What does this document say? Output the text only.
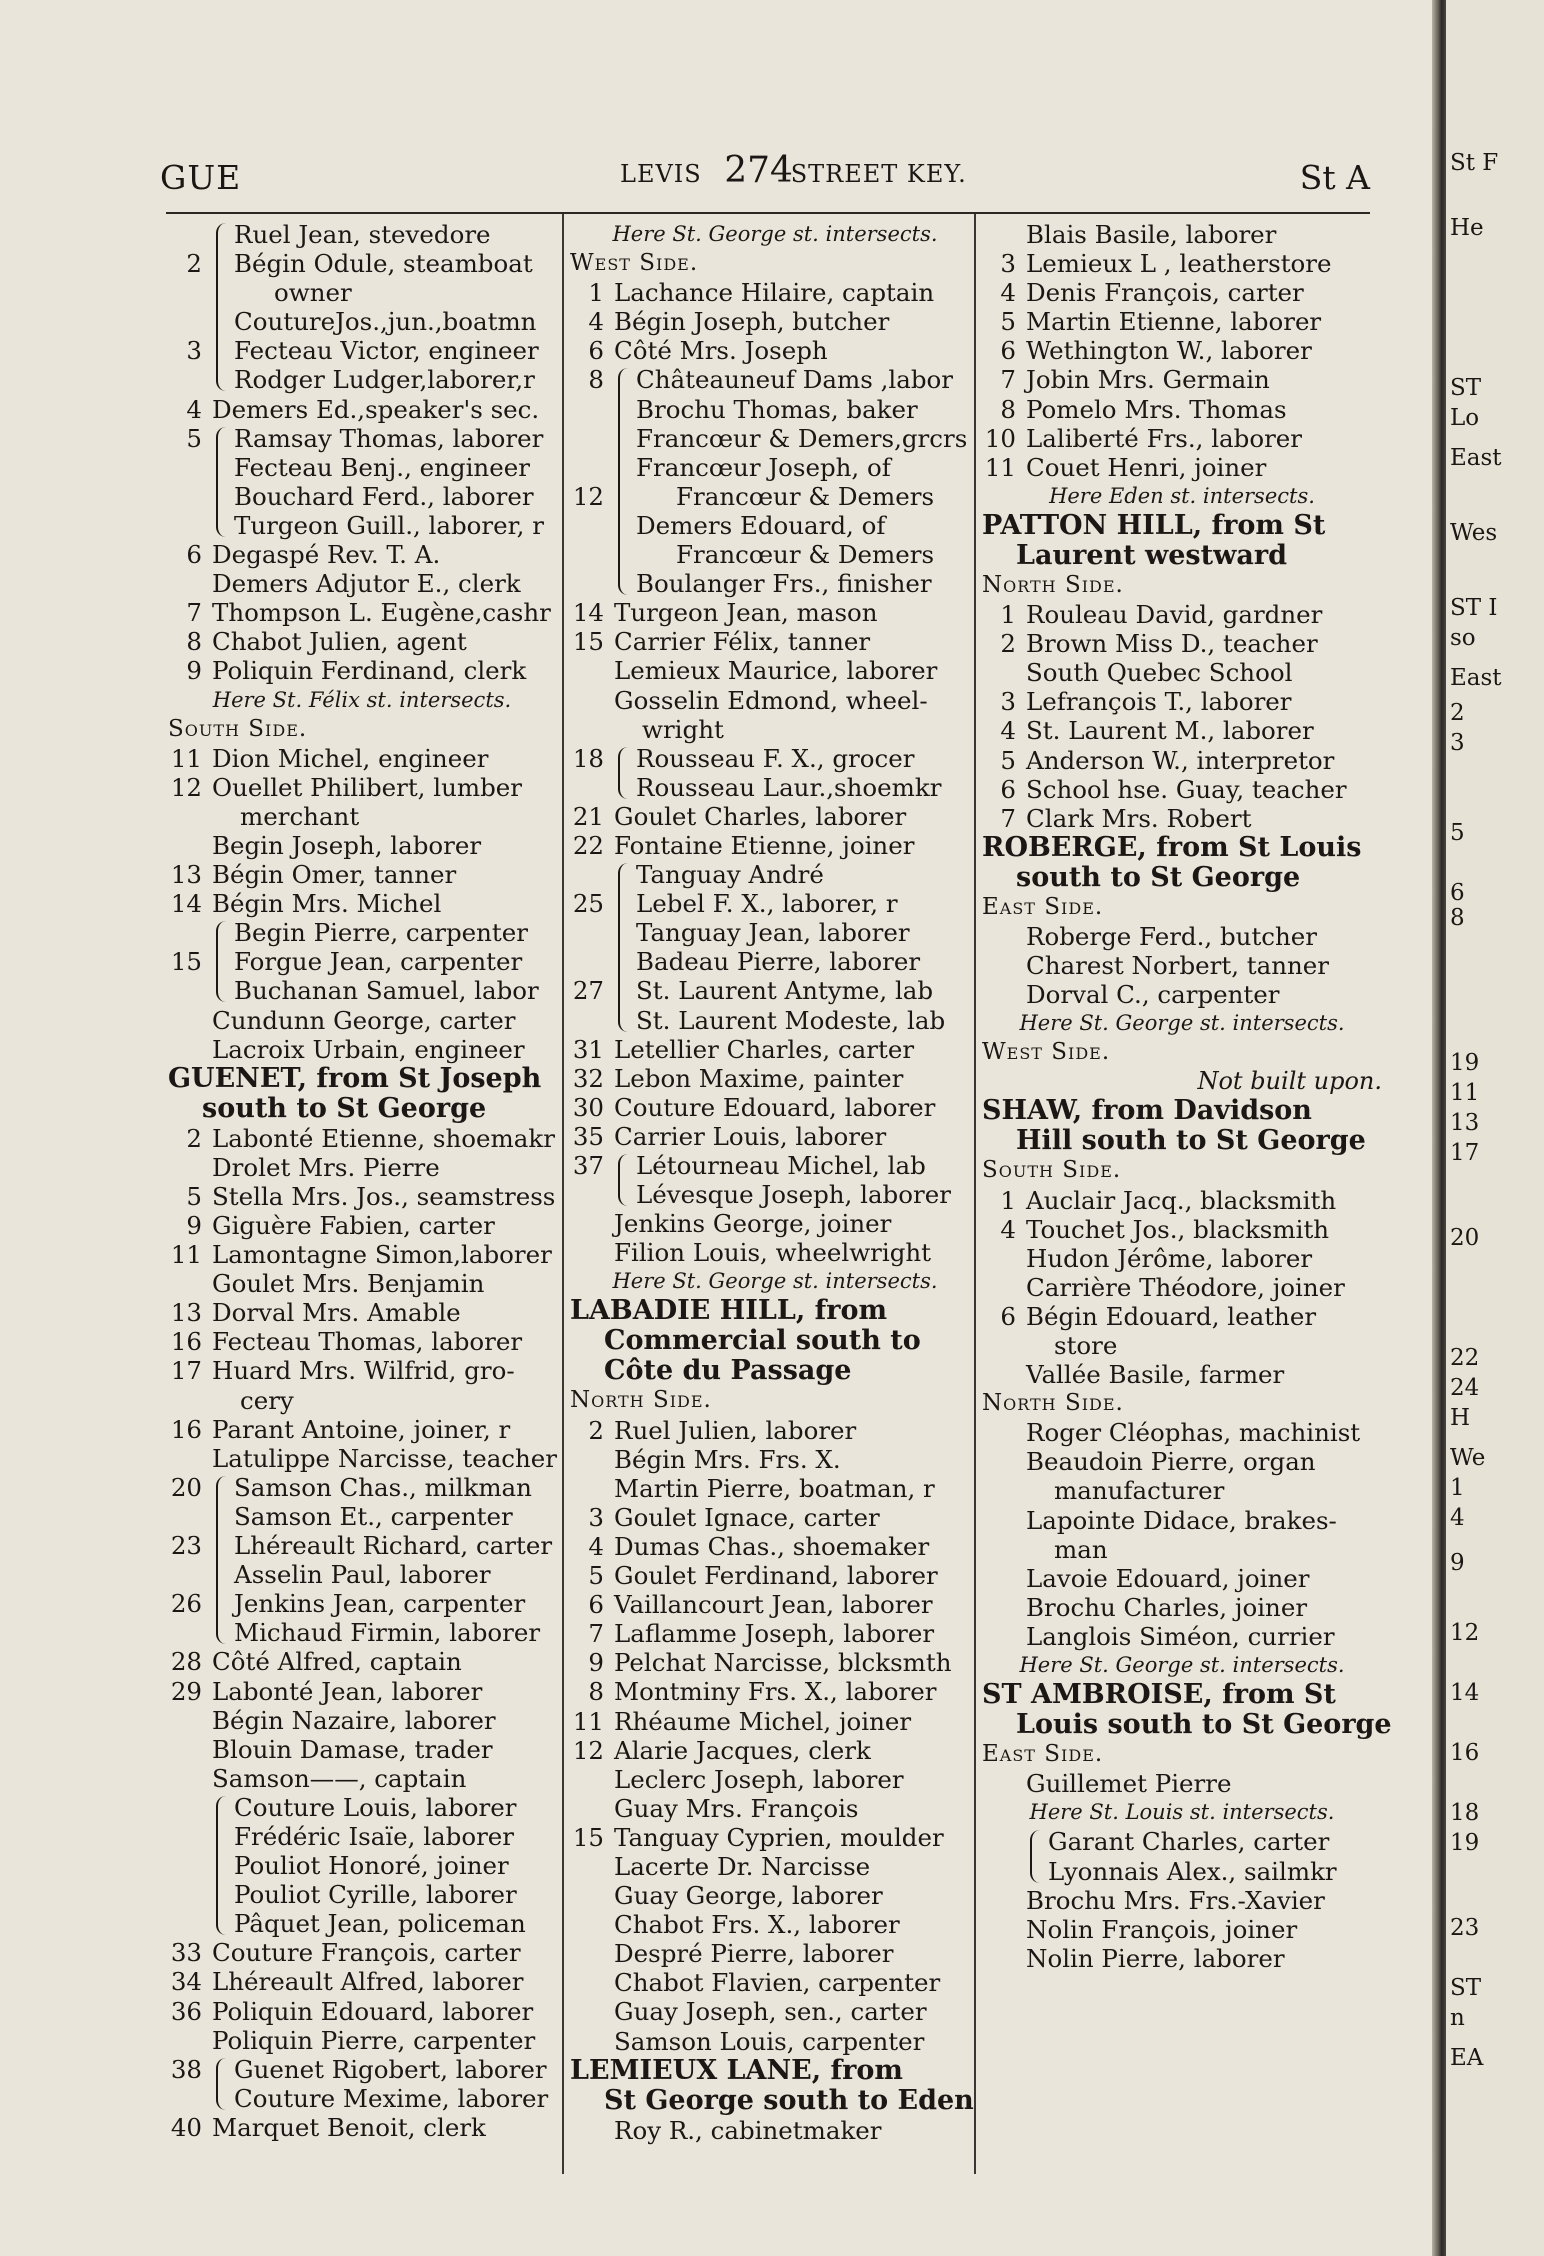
GUE	LEVIS 274 STREET KEY.	St A
Ruel Jean, stevedore
2 Bégin Odule, steamboat
owner
CoutureJos.,jun.,boatmn
3 Fecteau Victor, engineer
Rodger Ludger,laborer,r
4 Demers Ed.,speaker's sec.
5 Ramsay Thomas, laborer
Fecteau Benj., engineer
Bouchard Ferd., laborer
Turgeon Guill., laborer, r
6 Degaspé Rev. T. A.
Demers Adjutor E., clerk
7 Thompson L. Eugène,cashr
8 Chabot Julien, agent
9 Poliquin Ferdinand, clerk
Here St. Félix st. intersects.
South Side.
11 Dion Michel, engineer
12 Ouellet Philibert, lumber
merchant
Begin Joseph, laborer
13 Bégin Omer, tanner
14 Bégin Mrs. Michel
Begin Pierre, carpenter
15 Forgue Jean, carpenter
Buchanan Samuel, labor
Cundunn George, carter
Lacroix Urbain, engineer
GUENET, from St Joseph
south to St George
2 Labonté Etienne, shoemakr
Drolet Mrs. Pierre
5 Stella Mrs. Jos., seamstress
9 Giguère Fabien, carter
11 Lamontagne Simon,laborer
Goulet Mrs. Benjamin
13 Dorval Mrs. Amable
16 Fecteau Thomas, laborer
17 Huard Mrs. Wilfrid, gro-
cery
16 Parant Antoine, joiner, r
Latulippe Narcisse, teacher
20 Samson Chas., milkman
Samson Et., carpenter
23 Lhéreault Richard, carter
Asselin Paul, laborer
26 Jenkins Jean, carpenter
Michaud Firmin, laborer
28 Côté Alfred, captain
29 Labonté Jean, laborer
Bégin Nazaire, laborer
Blouin Damase, trader
Samson——, captain
Couture Louis, laborer
Frédéric Isaïe, laborer
Pouliot Honoré, joiner
Pouliot Cyrille, laborer
Pâquet Jean, policeman
33 Couture François, carter
34 Lhéreault Alfred, laborer
36 Poliquin Edouard, laborer
Poliquin Pierre, carpenter
38 Guenet Rigobert, laborer
Couture Mexime, laborer
40 Marquet Benoit, clerk
Here St. George st. intersects.
West Side.
1 Lachance Hilaire, captain
4 Bégin Joseph, butcher
6 Côté Mrs. Joseph
8 Châteauneuf Dams ,labor
Brochu Thomas, baker
Francœur & Demers,grcrs
Francœur Joseph, of
12	Francœur & Demers
Demers Edouard, of
Francœur & Demers
Boulanger Frs., finisher
14 Turgeon Jean, mason
15 Carrier Félix, tanner
Lemieux Maurice, laborer
Gosselin Edmond, wheel-
wright
18 Rousseau F. X., grocer
Rousseau Laur.,shoemkr
21 Goulet Charles, laborer
22 Fontaine Etienne, joiner
Tanguay André
25 Lebel F. X., laborer, r
Tanguay Jean, laborer
Badeau Pierre, laborer
27 St. Laurent Antyme, lab
St. Laurent Modeste, lab
31 Letellier Charles, carter
32 Lebon Maxime, painter
30 Couture Edouard, laborer
35 Carrier Louis, laborer
37 Létourneau Michel, lab
Lévesque Joseph, laborer
Jenkins George, joiner
Filion Louis, wheelwright
Here St. George st. intersects.
LABADIE HILL, from
Commercial south to
Côte du Passage
North Side.
2 Ruel Julien, laborer
Bégin Mrs. Frs. X.
Martin Pierre, boatman, r
3 Goulet Ignace, carter
4 Dumas Chas., shoemaker
5 Goulet Ferdinand, laborer
6 Vaillancourt Jean, laborer
7 Laflamme Joseph, laborer
9 Pelchat Narcisse, blcksmth
8 Montminy Frs. X., laborer
11 Rhéaume Michel, joiner
12 Alarie Jacques, clerk
Leclerc Joseph, laborer
Guay Mrs. François
15 Tanguay Cyprien, moulder
Lacerte Dr. Narcisse
Guay George, laborer
Chabot Frs. X., laborer
Despré Pierre, laborer
Chabot Flavien, carpenter
Guay Joseph, sen., carter
Samson Louis, carpenter
LEMIEUX LANE, from
St George south to Eden
Roy R., cabinetmaker
Blais Basile, laborer
3 Lemieux L , leatherstore
4 Denis François, carter
5 Martin Etienne, laborer
6 Wethington W., laborer
7 Jobin Mrs. Germain
8 Pomelo Mrs. Thomas
10 Laliberté Frs., laborer
11 Couet Henri, joiner
Here Eden st. intersects.
PATTON HILL, from St
Laurent westward
North Side.
1 Rouleau David, gardner
2 Brown Miss D., teacher
South Quebec School
3 Lefrançois T., laborer
4 St. Laurent M., laborer
5 Anderson W., interpretor
6 School hse. Guay, teacher
7 Clark Mrs. Robert
ROBERGE, from St Louis
south to St George
East Side.
Roberge Ferd., butcher
Charest Norbert, tanner
Dorval C., carpenter
Here St. George st. intersects.
West Side.
Not built upon.
SHAW, from Davidson
Hill south to St George
South Side.
1 Auclair Jacq., blacksmith
4 Touchet Jos., blacksmith
Hudon Jérôme, laborer
Carrière Théodore, joiner
6 Bégin Edouard, leather
store
Vallée Basile, farmer
North Side.
Roger Cléophas, machinist
Beaudoin Pierre, organ
manufacturer
Lapointe Didace, brakes-
man
Lavoie Edouard, joiner
Brochu Charles, joiner
Langlois Siméon, currier
Here St. George st. intersects.
ST AMBROISE, from St
Louis south to St George
East Side.
Guillemet Pierre
Here St. Louis st. intersects.
Garant Charles, carter
Lyonnais Alex., sailmkr
Brochu Mrs. Frs.-Xavier
Nolin François, joiner
Nolin Pierre, laborer
St F
He
ST
Lo
East
Wes
ST I
so
East
2
3
5
6
8
19
11
13
17
20
22
24
H
We
1
4
9
12
14
16
18
19
23
ST
n
EA
